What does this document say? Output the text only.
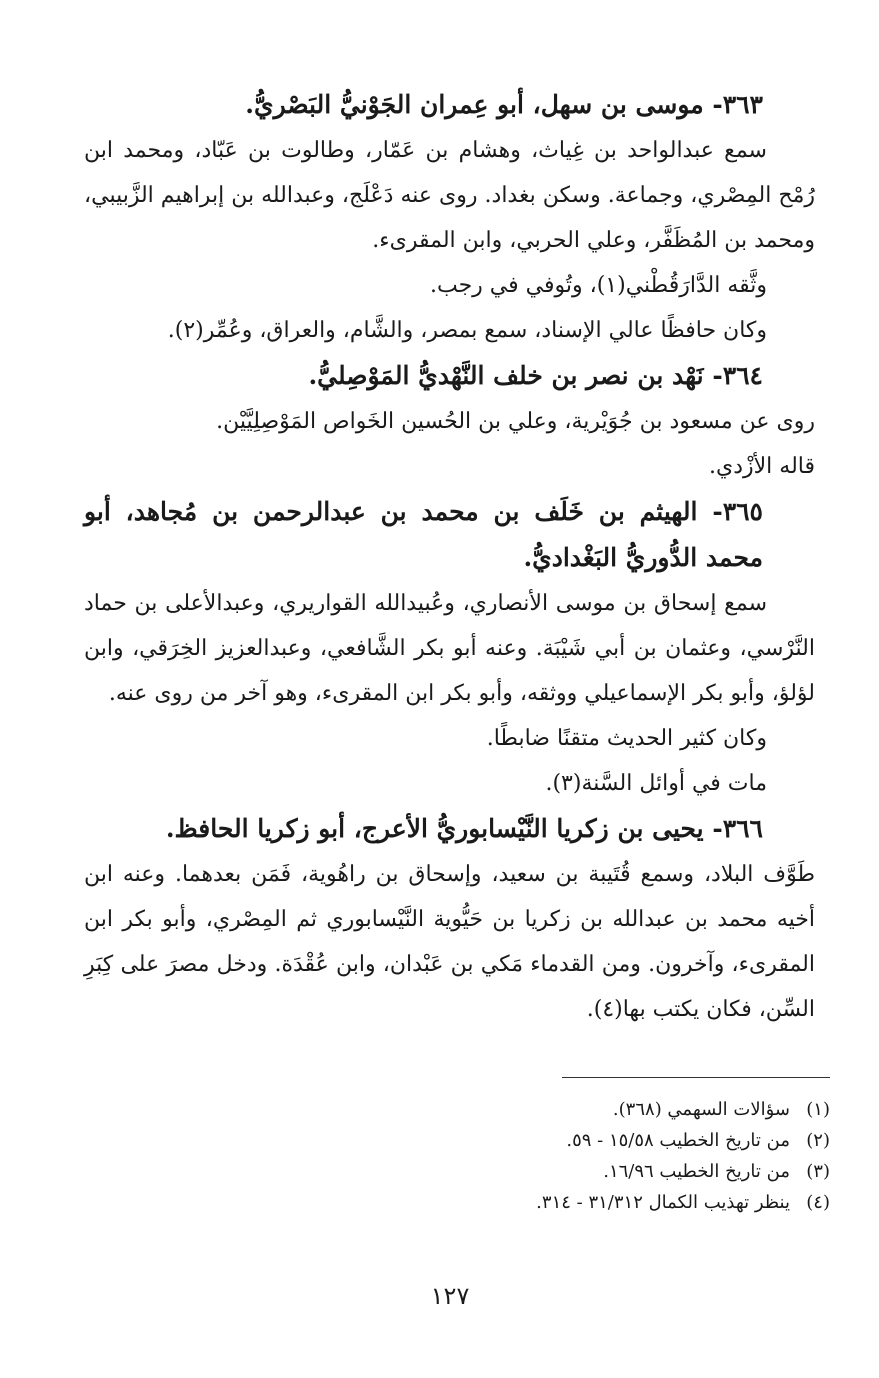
٣٦٣- موسى بن سهل، أبو عِمران الجَوْنيُّ البَصْريُّ.

سمع عبدالواحد بن غِياث، وهشام بن عَمّار، وطالوت بن عَبّاد، ومحمد ابن رُمْح المِصْري، وجماعة. وسكن بغداد. روى عنه دَعْلَج، وعبدالله بن إبراهيم الزَّبيبي، ومحمد بن المُظَفَّر، وعلي الحربي، وابن المقرىء.

وثَّقه الدَّارَقُطْني(١)، وتُوفي في رجب.

وكان حافظًا عالي الإسناد، سمع بمصر، والشَّام، والعراق، وعُمِّر(٢).

٣٦٤- نَهْد بن نصر بن خلف النَّهْديُّ المَوْصِليُّ.

روى عن مسعود بن جُوَيْرية، وعلي بن الحُسين الخَواص المَوْصِلِيَّيْن.

قاله الأزْدي.

٣٦٥- الهيثم بن خَلَف بن محمد بن عبدالرحمن بن مُجاهد، أبو محمد الدُّوريُّ البَغْداديُّ.

سمع إسحاق بن موسى الأنصاري، وعُبيدالله القواريري، وعبدالأعلى بن حماد النَّرْسي، وعثمان بن أبي شَيْبَة. وعنه أبو بكر الشَّافعي، وعبدالعزيز الخِرَقي، وابن لؤلؤ، وأبو بكر الإسماعيلي ووثقه، وأبو بكر ابن المقرىء، وهو آخر من روى عنه.

وكان كثير الحديث متقنًا ضابطًا.

مات في أوائل السَّنة(٣).

٣٦٦- يحيى بن زكريا النَّيْسابوريُّ الأعرج، أبو زكريا الحافظ.

طَوَّف البلاد، وسمع قُتَيبة بن سعيد، وإسحاق بن راهُوية، فَمَن بعدهما. وعنه ابن أخيه محمد بن عبدالله بن زكريا بن حَيُّوية النَّيْسابوري ثم المِصْري، وأبو بكر ابن المقرىء، وآخرون. ومن القدماء مَكي بن عَبْدان، وابن عُقْدَة. ودخل مصرَ على كِبَرِ السِّن، فكان يكتب بها(٤).

(١)
سؤالات السهمي (٣٦٨).
(٢)
من تاريخ الخطيب ١٥/٥٨ - ٥٩.
(٣)
من تاريخ الخطيب ١٦/٩٦.
(٤)
ينظر تهذيب الكمال ٣١/٣١٢ - ٣١٤.
١٢٧
